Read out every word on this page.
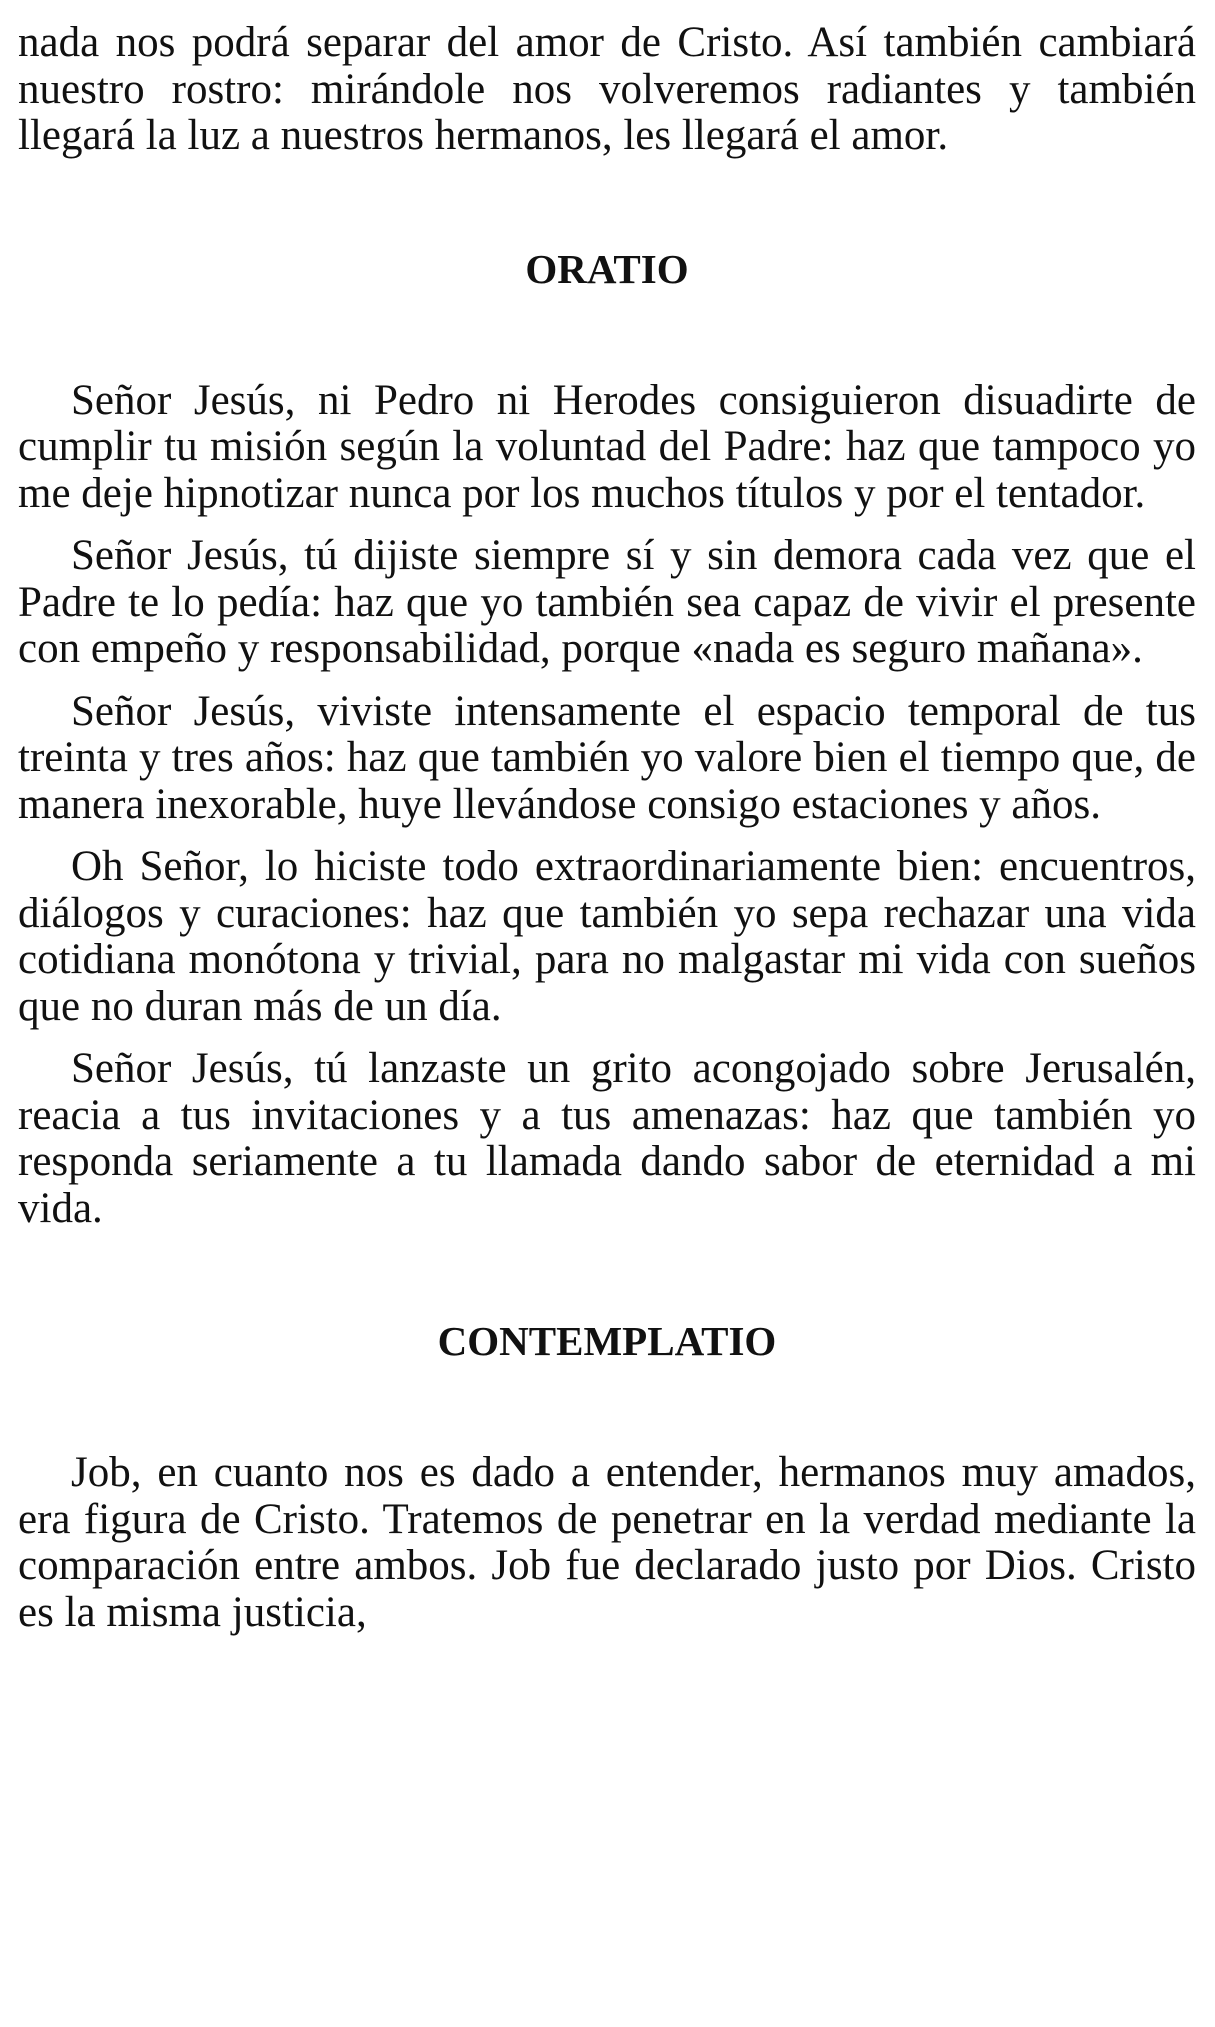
nada nos podrá separar del amor de Cristo. Así también cambiará nuestro rostro: mirándole nos volveremos radiantes y también llegará la luz a nuestros hermanos, les llegará el amor.

ORATIO

Señor Jesús, ni Pedro ni Herodes consiguieron disuadirte de cumplir tu misión según la voluntad del Padre: haz que tampoco yo me deje hipnotizar nunca por los muchos títulos y por el tentador.

Señor Jesús, tú dijiste siempre sí y sin demora cada vez que el Padre te lo pedía: haz que yo también sea capaz de vivir el presente con empeño y responsabilidad, porque «nada es seguro mañana».

Señor Jesús, viviste intensamente el espacio temporal de tus treinta y tres años: haz que también yo valore bien el tiempo que, de manera inexorable, huye llevándose consigo estaciones y años.

Oh Señor, lo hiciste todo extraordinariamente bien: encuentros, diálogos y curaciones: haz que también yo sepa rechazar una vida cotidiana monótona y trivial, para no malgastar mi vida con sueños que no duran más de un día.

Señor Jesús, tú lanzaste un grito acongojado sobre Jerusalén, reacia a tus invitaciones y a tus amenazas: haz que también yo responda seriamente a tu llamada dando sabor de eternidad a mi vida.

CONTEMPLATIO

Job, en cuanto nos es dado a entender, hermanos muy amados, era figura de Cristo. Tratemos de penetrar en la verdad mediante la comparación entre ambos. Job fue declarado justo por Dios. Cristo es la misma justicia,
